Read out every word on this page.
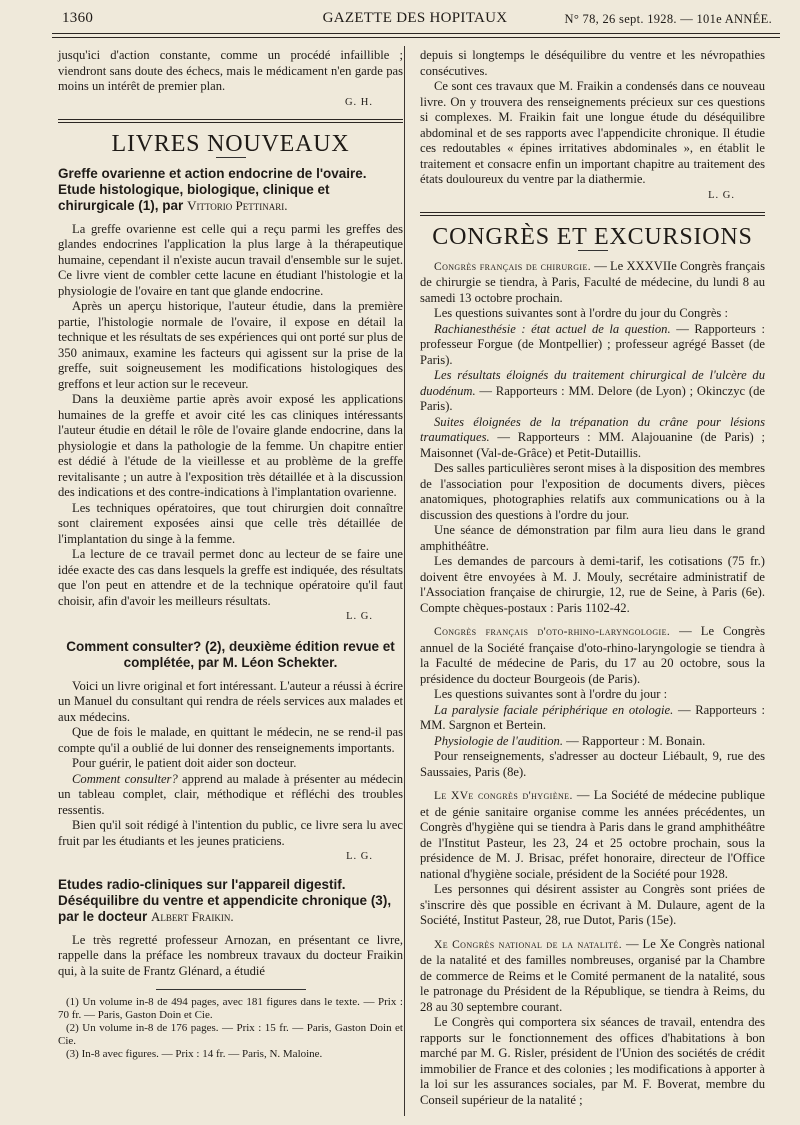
1360	GAZETTE DES HOPITAUX	N° 78, 26 sept. 1928. — 101e ANNÉE.

jusqu'ici d'action constante, comme un procédé infaillible ; viendront sans doute des échecs, mais le médicament n'en garde pas moins un intérêt de premier plan.

G. H.
LIVRES NOUVEAUX
Greffe ovarienne et action endocrine de l'ovaire. Etude histologique, biologique, clinique et chirurgicale (1), par Vittorio Pettinari.

La greffe ovarienne est celle qui a reçu parmi les greffes des glandes endocrines l'application la plus large à la thérapeutique humaine, cependant il n'existe aucun travail d'ensemble sur le sujet. Ce livre vient de combler cette lacune en étudiant l'histologie et la physiologie de l'ovaire en tant que glande endocrine.

Après un aperçu historique, l'auteur étudie, dans la première partie, l'histologie normale de l'ovaire, il expose en détail la technique et les résultats de ses expériences qui ont porté sur plus de 350 animaux, examine les facteurs qui agissent sur la prise de la greffe, suit soigneusement les modifications histologiques des greffons et leur action sur le receveur.

Dans la deuxième partie après avoir exposé les applications humaines de la greffe et avoir cité les cas cliniques intéressants l'auteur étudie en détail le rôle de l'ovaire glande endocrine, dans la physiologie et dans la pathologie de la femme. Un chapitre entier est dédié à l'étude de la vieillesse et au problème de la greffe revitalisante ; un autre à l'exposition très détaillée et à la discussion des indications et des contre-indications à l'implantation ovarienne.

Les techniques opératoires, que tout chirurgien doit connaître sont clairement exposées ainsi que celle très détaillée de l'implantation du singe à la femme.

La lecture de ce travail permet donc au lecteur de se faire une idée exacte des cas dans lesquels la greffe est indiquée, des résultats que l'on peut en attendre et de la technique opératoire qu'il faut choisir, afin d'avoir les meilleurs résultats.

L. G.
Comment consulter? (2), deuxième édition revue et complétée, par M. Léon Schekter.

Voici un livre original et fort intéressant. L'auteur a réussi à écrire un Manuel du consultant qui rendra de réels services aux malades et aux médecins.

Que de fois le malade, en quittant le médecin, ne se rend-il pas compte qu'il a oublié de lui donner des renseignements importants.

Pour guérir, le patient doit aider son docteur.

Comment consulter? apprend au malade à présenter au médecin un tableau complet, clair, méthodique et réfléchi des troubles ressentis.

Bien qu'il soit rédigé à l'intention du public, ce livre sera lu avec fruit par les étudiants et les jeunes praticiens.

L. G.
Etudes radio-cliniques sur l'appareil digestif. Déséquilibre du ventre et appendicite chronique (3), par le docteur Albert Fraikin.

Le très regretté professeur Arnozan, en présentant ce livre, rappelle dans la préface les nombreux travaux du docteur Fraikin qui, à la suite de Frantz Glénard, a étudié

(1) Un volume in-8 de 494 pages, avec 181 figures dans le texte. — Prix : 70 fr. — Paris, Gaston Doin et Cie.

(2) Un volume in-8 de 176 pages. — Prix : 15 fr. — Paris, Gaston Doin et Cie.

(3) In-8 avec figures. — Prix : 14 fr. — Paris, N. Maloine.

depuis si longtemps le déséquilibre du ventre et les névropathies consécutives.

Ce sont ces travaux que M. Fraikin a condensés dans ce nouveau livre. On y trouvera des renseignements précieux sur ces questions si complexes. M. Fraikin fait une longue étude du déséquilibre abdominal et de ses rapports avec l'appendicite chronique. Il étudie ces redoutables « épines irritatives abdominales », en établit le traitement et consacre enfin un important chapitre au traitement des états douloureux du ventre par la diathermie.

L. G.
CONGRÈS ET EXCURSIONS

Congrès français de chirurgie. — Le XXXVIIe Congrès français de chirurgie se tiendra, à Paris, Faculté de médecine, du lundi 8 au samedi 13 octobre prochain.

Les questions suivantes sont à l'ordre du jour du Congrès :

Rachianesthésie : état actuel de la question. — Rapporteurs : professeur Forgue (de Montpellier) ; professeur agrégé Basset (de Paris).

Les résultats éloignés du traitement chirurgical de l'ulcère du duodénum. — Rapporteurs : MM. Delore (de Lyon) ; Okinczyc (de Paris).

Suites éloignées de la trépanation du crâne pour lésions traumatiques. — Rapporteurs : MM. Alajouanine (de Paris) ; Maisonnet (Val-de-Grâce) et Petit-Dutaillis.

Des salles particulières seront mises à la disposition des membres de l'association pour l'exposition de documents divers, pièces anatomiques, photographies relatifs aux communications ou à la discussion des questions à l'ordre du jour.

Une séance de démonstration par film aura lieu dans le grand amphithéâtre.

Les demandes de parcours à demi-tarif, les cotisations (75 fr.) doivent être envoyées à M. J. Mouly, secrétaire administratif de l'Association française de chirurgie, 12, rue de Seine, à Paris (6e). Compte chèques-postaux : Paris 1102-42.

Congrès français d'oto-rhino-laryngologie. — Le Congrès annuel de la Société française d'oto-rhino-laryngologie se tiendra à la Faculté de médecine de Paris, du 17 au 20 octobre, sous la présidence du docteur Bourgeois (de Paris).

Les questions suivantes sont à l'ordre du jour :

La paralysie faciale périphérique en otologie. — Rapporteurs : MM. Sargnon et Bertein.

Physiologie de l'audition. — Rapporteur : M. Bonain.

Pour renseignements, s'adresser au docteur Liébault, 9, rue des Saussaies, Paris (8e).

Le XVe congrès d'hygiène. — La Société de médecine publique et de génie sanitaire organise comme les années précédentes, un Congrès d'hygiène qui se tiendra à Paris dans le grand amphithéâtre de l'Institut Pasteur, les 23, 24 et 25 octobre prochain, sous la présidence de M. J. Brisac, préfet honoraire, directeur de l'Office national d'hygiène sociale, président de la Société pour 1928.

Les personnes qui désirent assister au Congrès sont priées de s'inscrire dès que possible en écrivant à M. Dulaure, agent de la Société, Institut Pasteur, 28, rue Dutot, Paris (15e).

Xe Congrès national de la natalité. — Le Xe Congrès national de la natalité et des familles nombreuses, organisé par la Chambre de commerce de Reims et le Comité permanent de la natalité, sous le patronage du Président de la République, se tiendra à Reims, du 28 au 30 septembre courant.

Le Congrès qui comportera six séances de travail, entendra des rapports sur le fonctionnement des offices d'habitations à bon marché par M. G. Risler, président de l'Union des sociétés de crédit immobilier de France et des colonies ; les modifications à apporter à la loi sur les assurances sociales, par M. F. Boverat, membre du Conseil supérieur de la natalité ;
